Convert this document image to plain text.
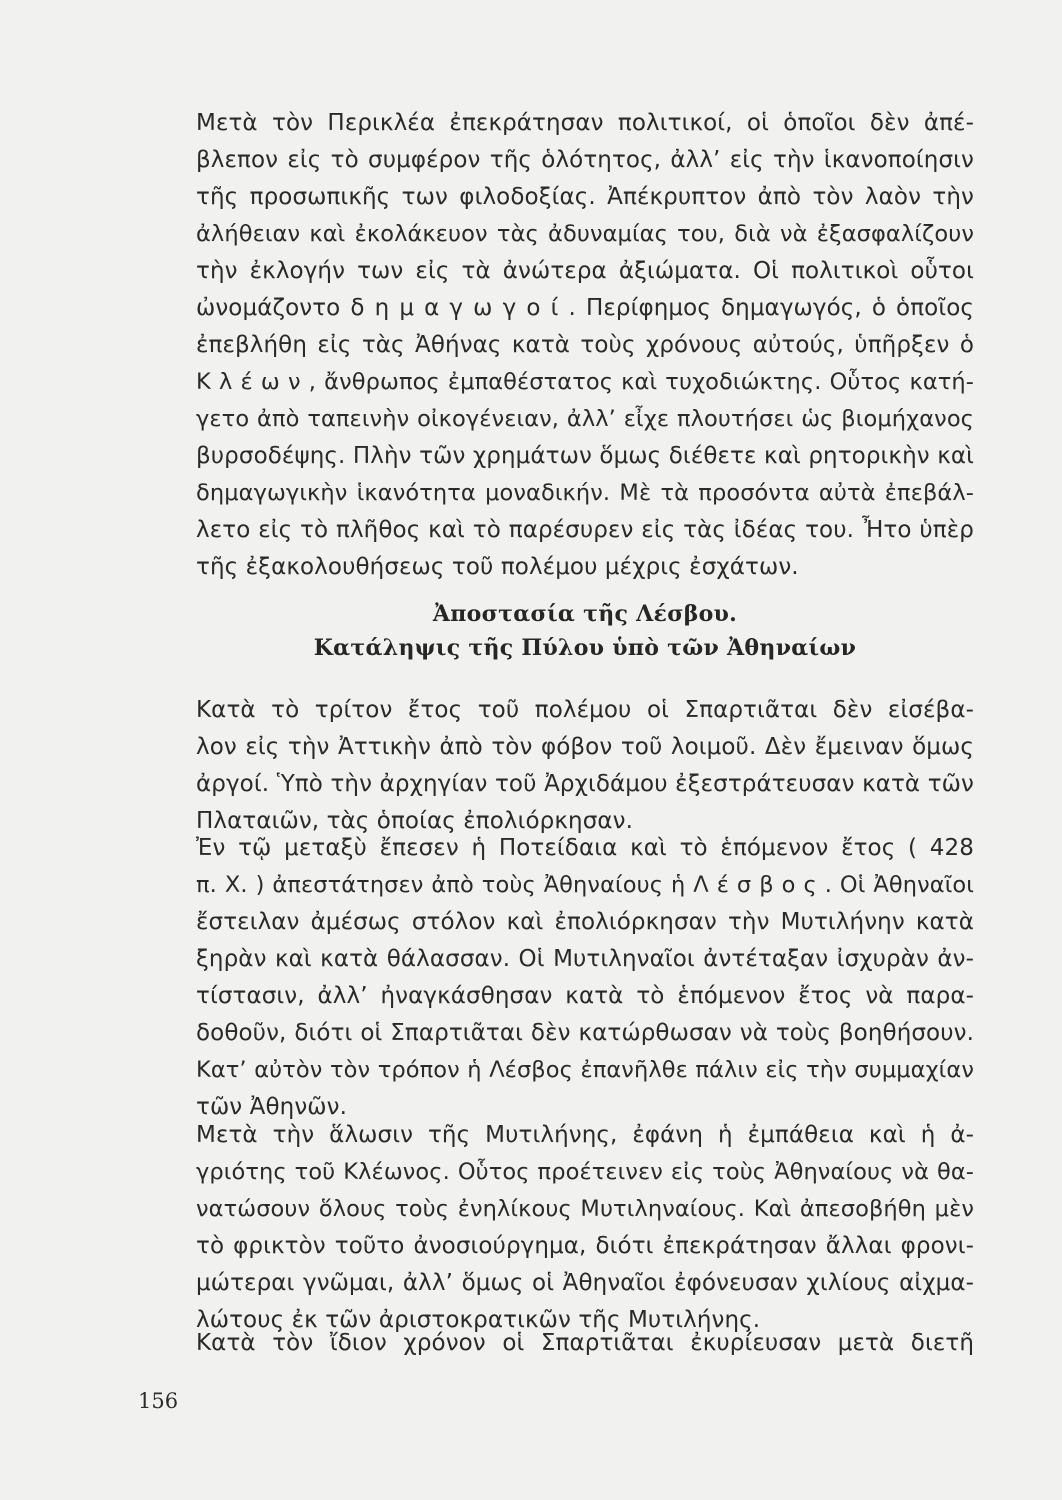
Μετὰ τὸν Περικλέα ἐπεκράτησαν πολιτικοί, οἱ ὁποῖοι δὲν ἀπέ-
βλεπον εἰς τὸ συμφέρον τῆς ὁλότητος, ἀλλ’ εἰς τὴν ἱκανοποίησιν
τῆς προσωπικῆς των φιλοδοξίας. Ἀπέκρυπτον ἀπὸ τὸν λαὸν τὴν
ἀλήθειαν καὶ ἐκολάκευον τὰς ἀδυναμίας του, διὰ νὰ ἐξασφαλίζουν
τὴν ἐκλογήν των εἰς τὰ ἀνώτερα ἀξιώματα. Οἱ πολιτικοὶ οὗτοι
ὠνομάζοντο δ η μ α γ ω γ ο ί . Περίφημος δημαγωγός, ὁ ὁποῖος
ἐπεβλήθη εἰς τὰς Ἀθήνας κατὰ τοὺς χρόνους αὐτούς, ὑπῆρξεν ὁ
Κ λ έ ω ν , ἄνθρωπος ἐμπαθέστατος καὶ τυχοδιώκτης. Οὗτος κατή-
γετο ἀπὸ ταπεινὴν οἰκογένειαν, ἀλλ’ εἶχε πλουτήσει ὡς βιομήχανος
βυρσοδέψης. Πλὴν τῶν χρημάτων ὅμως διέθετε καὶ ρητορικὴν καὶ
δημαγωγικὴν ἱκανότητα μοναδικήν. Μὲ τὰ προσόντα αὐτὰ ἐπεβάλ-
λετο εἰς τὸ πλῆθος καὶ τὸ παρέσυρεν εἰς τὰς ἰδέας του. Ἦτο ὑπὲρ
τῆς ἐξακολουθήσεως τοῦ πολέμου μέχρις ἐσχάτων.
Ἀποστασία τῆς Λέσβου.
Κατάληψις τῆς Πύλου ὑπὸ τῶν Ἀθηναίων
Κατὰ τὸ τρίτον ἔτος τοῦ πολέμου οἱ Σπαρτιᾶται δὲν εἰσέβα-
λον εἰς τὴν Ἀττικὴν ἀπὸ τὸν φόβον τοῦ λοιμοῦ. Δὲν ἔμειναν ὅμως
ἀργοί. Ὑπὸ τὴν ἀρχηγίαν τοῦ Ἀρχιδάμου ἐξεστράτευσαν κατὰ τῶν
Πλαταιῶν, τὰς ὁποίας ἐπολιόρκησαν.
Ἐν τῷ μεταξὺ ἔπεσεν ἡ Ποτείδαια καὶ τὸ ἑπόμενον ἔτος ( 428
π. Χ. ) ἀπεστάτησεν ἀπὸ τοὺς Ἀθηναίους ἡ Λ έ σ β ο ς . Οἱ Ἀθηναῖοι
ἔστειλαν ἀμέσως στόλον καὶ ἐπολιόρκησαν τὴν Μυτιλήνην κατὰ
ξηρὰν καὶ κατὰ θάλασσαν. Οἱ Μυτιληναῖοι ἀντέταξαν ἰσχυρὰν ἀν-
τίστασιν, ἀλλ’ ἠναγκάσθησαν κατὰ τὸ ἑπόμενον ἔτος νὰ παρα-
δοθοῦν, διότι οἱ Σπαρτιᾶται δὲν κατώρθωσαν νὰ τοὺς βοηθήσουν.
Κατ’ αὐτὸν τὸν τρόπον ἡ Λέσβος ἐπανῆλθε πάλιν εἰς τὴν συμμαχίαν
τῶν Ἀθηνῶν.
Μετὰ τὴν ἅλωσιν τῆς Μυτιλήνης, ἐφάνη ἡ ἐμπάθεια καὶ ἡ ἀ-
γριότης τοῦ Κλέωνος. Οὗτος προέτεινεν εἰς τοὺς Ἀθηναίους νὰ θα-
νατώσουν ὅλους τοὺς ἐνηλίκους Μυτιληναίους. Καὶ ἀπεσοβήθη μὲν
τὸ φρικτὸν τοῦτο ἀνοσιούργημα, διότι ἐπεκράτησαν ἄλλαι φρονι-
μώτεραι γνῶμαι, ἀλλ’ ὅμως οἱ Ἀθηναῖοι ἐφόνευσαν χιλίους αἰχμα-
λώτους ἐκ τῶν ἀριστοκρατικῶν τῆς Μυτιλήνης.
Κατὰ τὸν ἴδιον χρόνον οἱ Σπαρτιᾶται ἐκυρίευσαν μετὰ διετῆ
156
